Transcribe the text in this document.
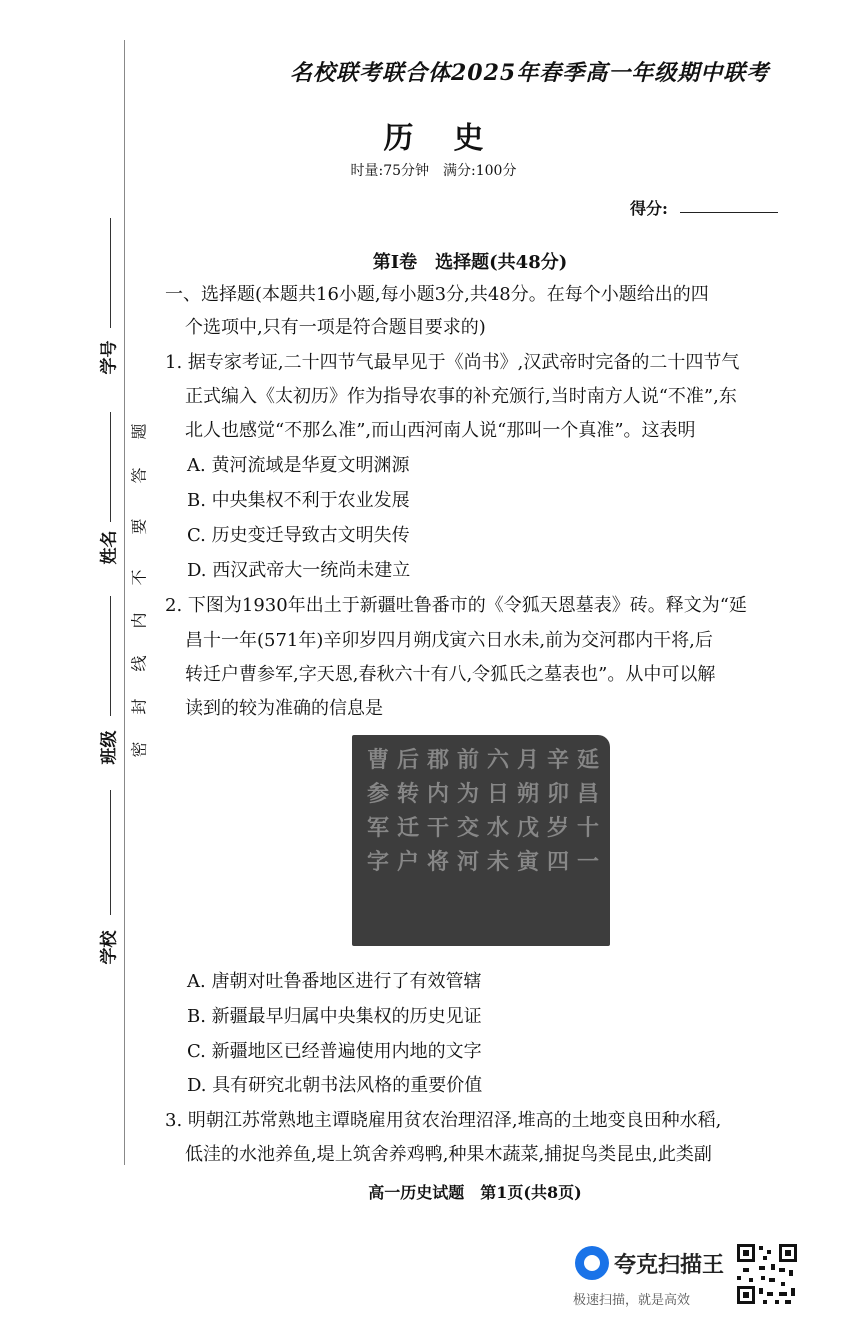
学号
姓名
班级
学校
密
封
线
内
不
要
答
题
名校联考联合体2025年春季高一年级期中联考
历史
时量:75分钟　满分:100分
得分:
第Ⅰ卷　选择题(共48分)
一、选择题(本题共16小题,每小题3分,共48分。在每个小题给出的四
个选项中,只有一项是符合题目要求的)
1. 据专家考证,二十四节气最早见于《尚书》,汉武帝时完备的二十四节气
正式编入《太初历》作为指导农事的补充颁行,当时南方人说“不准”,东
北人也感觉“不那么准”,而山西河南人说“那叫一个真准”。这表明
A. 黄河流域是华夏文明渊源
B. 中央集权不利于农业发展
C. 历史变迁导致古文明失传
D. 西汉武帝大一统尚未建立
2. 下图为1930年出土于新疆吐鲁番市的《令狐天恩墓表》砖。释文为“延
昌十一年(571年)辛卯岁四月朔戊寅六日水未,前为交河郡内干将,后
转迁户曹参军,字天恩,春秋六十有八,令狐氏之墓表也”。从中可以解
读到的较为准确的信息是
延昌十一
辛卯岁四
月朔戊寅
六日水未
前为交河
郡内干将
后转迁户
曹参军字
A. 唐朝对吐鲁番地区进行了有效管辖
B. 新疆最早归属中央集权的历史见证
C. 新疆地区已经普遍使用内地的文字
D. 具有研究北朝书法风格的重要价值
3. 明朝江苏常熟地主谭晓雇用贫农治理沼泽,堆高的土地变良田种水稻,
低洼的水池养鱼,堤上筑舍养鸡鸭,种果木蔬菜,捕捉鸟类昆虫,此类副
高一历史试题　第1页(共8页)
夸克扫描王
极速扫描，就是高效
